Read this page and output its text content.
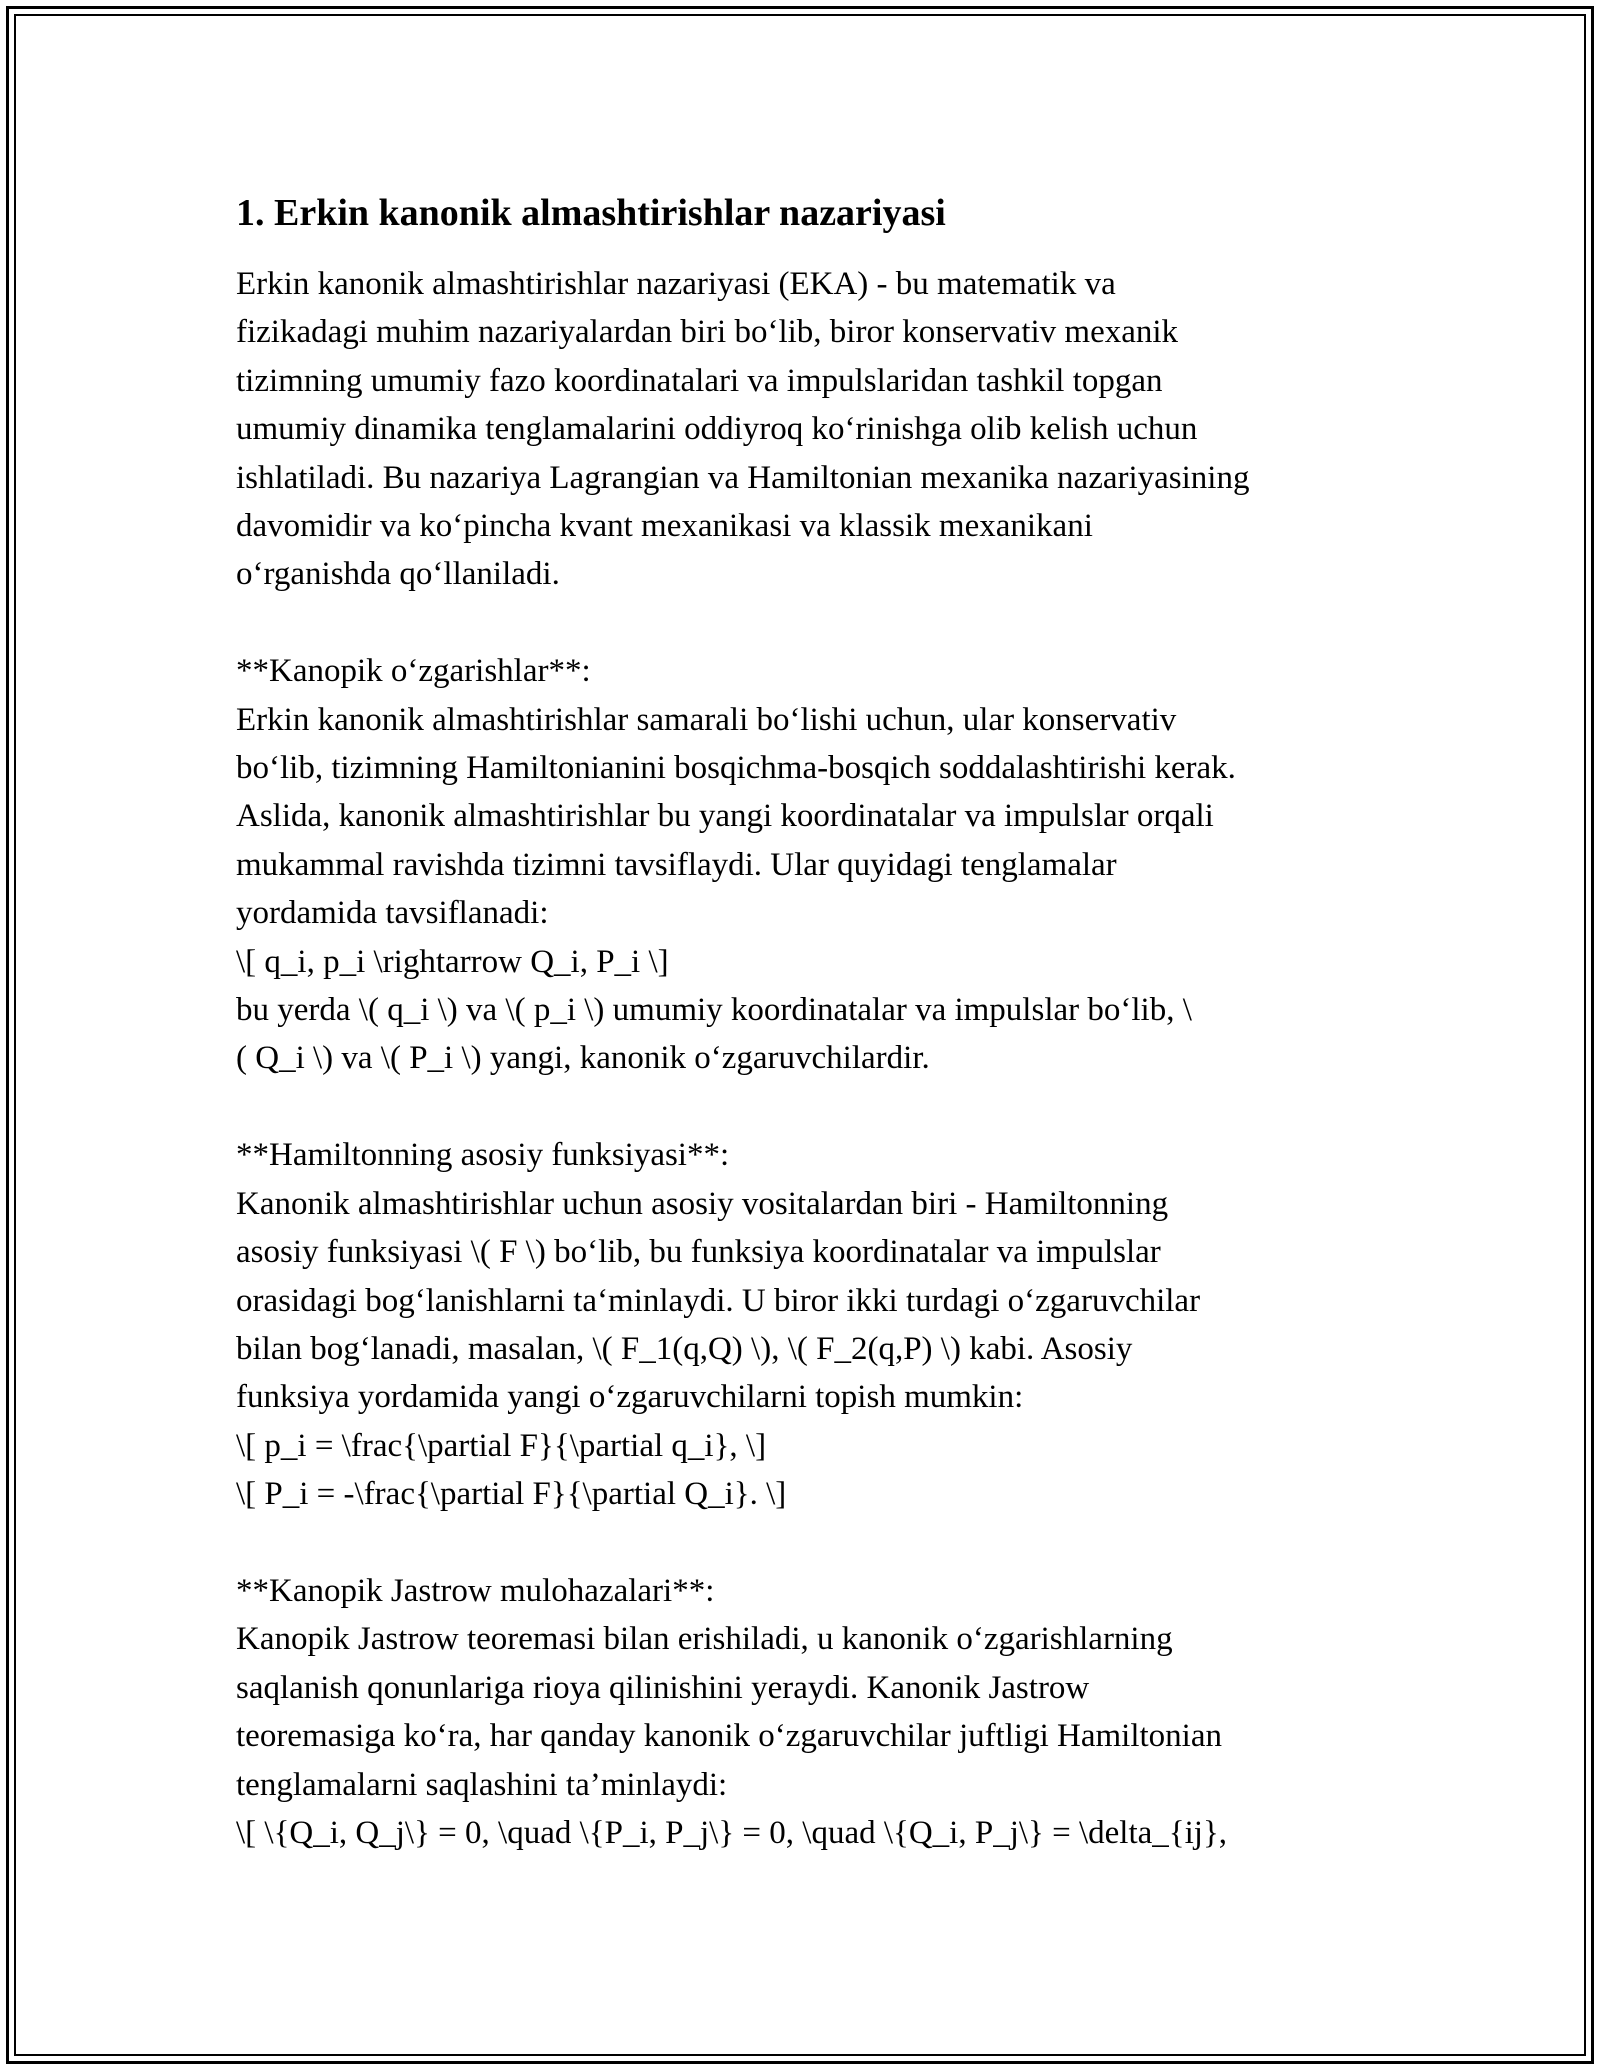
1. Erkin kanonik almashtirishlar nazariyasi

Erkin kanonik almashtirishlar nazariyasi (EKA) - bu matematik va
fizikadagi muhim nazariyalardan biri bo‘lib, biror konservativ mexanik
tizimning umumiy fazo koordinatalari va impulslaridan tashkil topgan
umumiy dinamika tenglamalarini oddiyroq ko‘rinishga olib kelish uchun
ishlatiladi. Bu nazariya Lagrangian va Hamiltonian mexanika nazariyasining
davomidir va ko‘pincha kvant mexanikasi va klassik mexanikani
o‘rganishda qo‘llaniladi.

**Kanopik o‘zgarishlar**:
Erkin kanonik almashtirishlar samarali bo‘lishi uchun, ular konservativ
bo‘lib, tizimning Hamiltonianini bosqichma-bosqich soddalashtirishi kerak.
Aslida, kanonik almashtirishlar bu yangi koordinatalar va impulslar orqali
mukammal ravishda tizimni tavsiflaydi. Ular quyidagi tenglamalar
yordamida tavsiflanadi:
\[ q_i, p_i \rightarrow Q_i, P_i \]
bu yerda \( q_i \) va \( p_i \) umumiy koordinatalar va impulslar bo‘lib, \
( Q_i \) va \( P_i \) yangi, kanonik o‘zgaruvchilardir.

**Hamiltonning asosiy funksiyasi**:
Kanonik almashtirishlar uchun asosiy vositalardan biri - Hamiltonning
asosiy funksiyasi \( F \) bo‘lib, bu funksiya koordinatalar va impulslar
orasidagi bog‘lanishlarni ta‘minlaydi. U biror ikki turdagi o‘zgaruvchilar
bilan bog‘lanadi, masalan, \( F_1(q,Q) \), \( F_2(q,P) \) kabi. Asosiy
funksiya yordamida yangi o‘zgaruvchilarni topish mumkin:
\[ p_i = \frac{\partial F}{\partial q_i}, \]
\[ P_i = -\frac{\partial F}{\partial Q_i}. \]

**Kanopik Jastrow mulohazalari**:
Kanopik Jastrow teoremasi bilan erishiladi, u kanonik o‘zgarishlarning
saqlanish qonunlariga rioya qilinishini yeraydi. Kanonik Jastrow
teoremasiga ko‘ra, har qanday kanonik o‘zgaruvchilar juftligi Hamiltonian
tenglamalarni saqlashini ta’minlaydi:
\[ \{Q_i, Q_j\} = 0, \quad \{P_i, P_j\} = 0, \quad \{Q_i, P_j\} = \delta_{ij},
